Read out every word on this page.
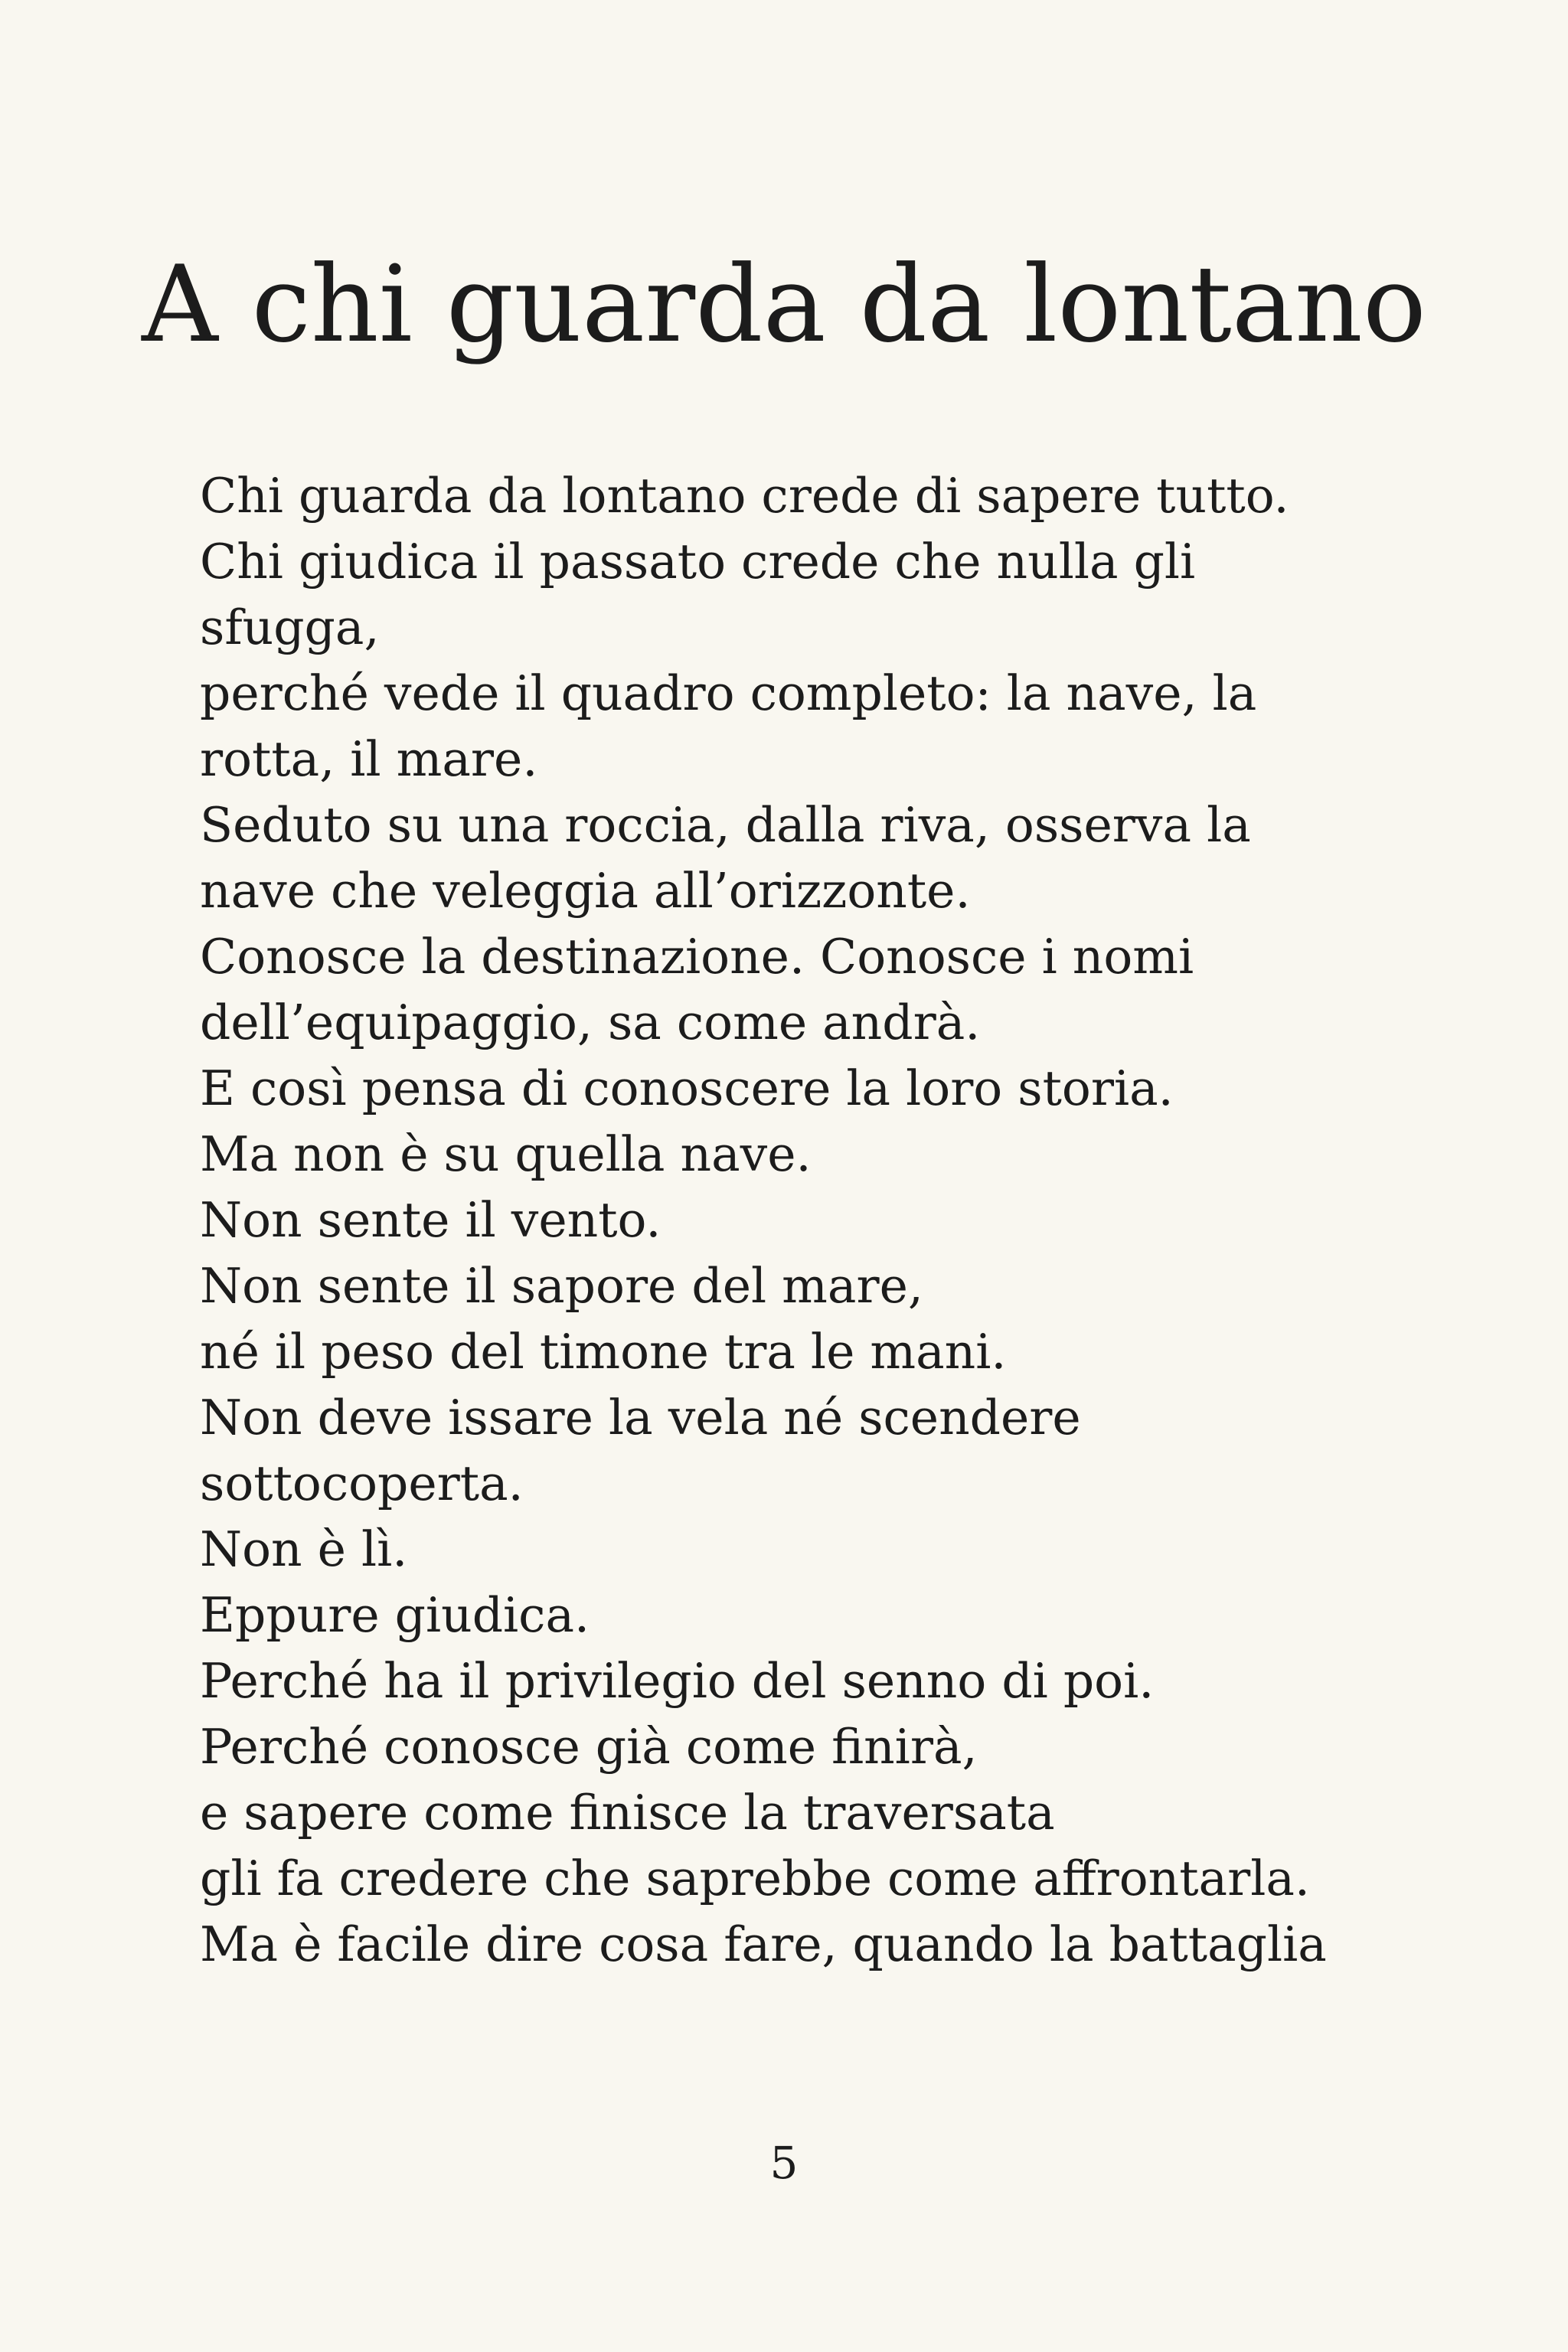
A chi guarda da lontano
Chi guarda da lontano crede di sapere tutto.
Chi giudica il passato crede che nulla gli
sfugga,
perché vede il quadro completo: la nave, la
rotta, il mare.
Seduto su una roccia, dalla riva, osserva la
nave che veleggia all’orizzonte.
Conosce la destinazione. Conosce i nomi
dell’equipaggio, sa come andrà.
E così pensa di conoscere la loro storia.
Ma non è su quella nave.
Non sente il vento.
Non sente il sapore del mare,
né il peso del timone tra le mani.
Non deve issare la vela né scendere
sottocoperta.
Non è lì.
Eppure giudica.
Perché ha il privilegio del senno di poi.
Perché conosce già come finirà,
e sapere come finisce la traversata
gli fa credere che saprebbe come affrontarla.
Ma è facile dire cosa fare, quando la battaglia
5
